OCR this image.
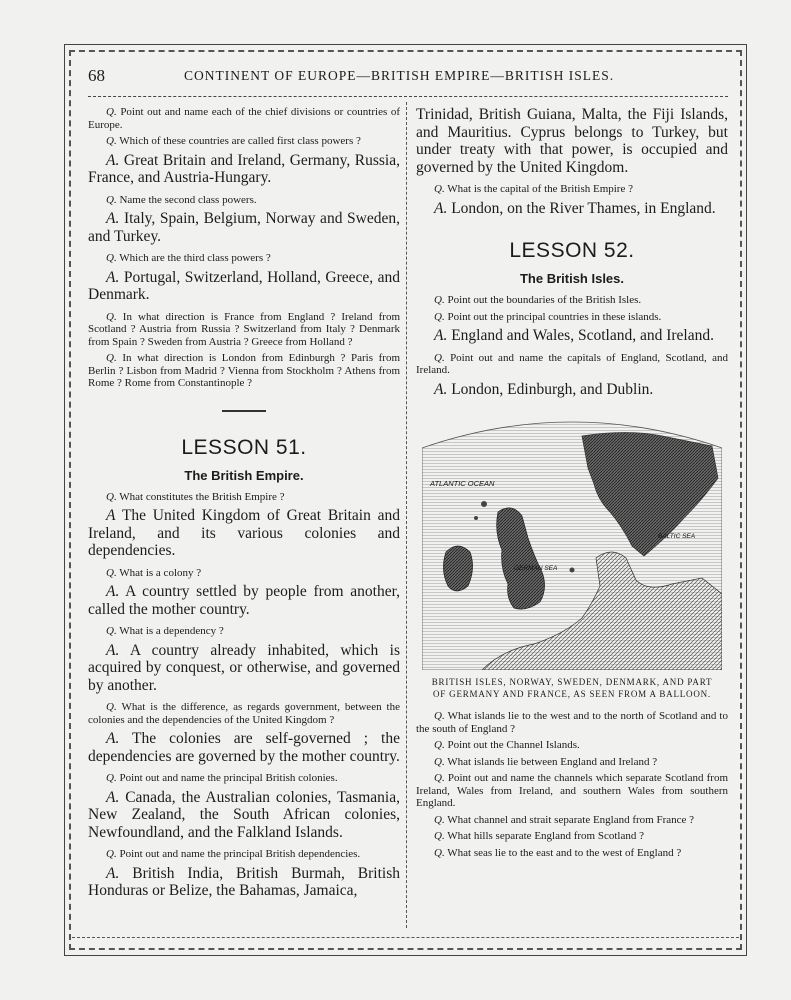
68	CONTINENT OF EUROPE—BRITISH EMPIRE—BRITISH ISLES.

Q. Point out and name each of the chief divisions or countries of Europe.

Q. Which of these countries are called first class powers ?

A. Great Britain and Ireland, Germany, Russia, France, and Austria-Hungary.

Q. Name the second class powers.

A. Italy, Spain, Belgium, Norway and Sweden, and Turkey.

Q. Which are the third class powers ?

A. Portugal, Switzerland, Holland, Greece, and Denmark.

Q. In what direction is France from England ? Ireland from Scotland ? Austria from Russia ? Switzerland from Italy ? Denmark from Spain ? Sweden from Austria ? Greece from Holland ?

Q. In what direction is London from Edinburgh ? Paris from Berlin ? Lisbon from Madrid ? Vienna from Stockholm ? Athens from Rome ? Rome from Constantinople ?

LESSON 51.

The British Empire.

Q. What constitutes the British Empire ?

A The United Kingdom of Great Britain and Ireland, and its various colonies and dependencies.

Q. What is a colony ?

A. A country settled by people from another, called the mother country.

Q. What is a dependency ?

A. A country already inhabited, which is acquired by conquest, or otherwise, and governed by another.

Q. What is the difference, as regards government, between the colonies and the dependencies of the United Kingdom ?

A. The colonies are self-governed ; the dependencies are governed by the mother country.

Q. Point out and name the principal British colonies.

A. Canada, the Australian colonies, Tasmania, New Zealand, the South African colonies, Newfoundland, and the Falkland Islands.

Q. Point out and name the principal British dependencies.

A. British India, British Burmah, British Honduras or Belize, the Bahamas, Jamaica,

Trinidad, British Guiana, Malta, the Fiji Islands, and Mauritius. Cyprus belongs to Turkey, but under treaty with that power, is occupied and governed by the United Kingdom.

Q. What is the capital of the British Empire ?

A. London, on the River Thames, in England.

LESSON 52.

The British Isles.

Q. Point out the boundaries of the British Isles.

Q. Point out the principal countries in these islands.

A. England and Wales, Scotland, and Ireland.

Q. Point out and name the capitals of England, Scotland, and Ireland.

A. London, Edinburgh, and Dublin.

ATLANTIC OCEAN
BALTIC SEA
GERMAN SEA

BRITISH ISLES, NORWAY, SWEDEN, DENMARK, AND PART
OF GERMANY AND FRANCE, AS SEEN FROM A BALLOON.

Q. What islands lie to the west and to the north of Scotland and to the south of England ?

Q. Point out the Channel Islands.

Q. What islands lie between England and Ireland ?

Q. Point out and name the channels which separate Scotland from Ireland, Wales from Ireland, and southern Wales from southern England.

Q. What channel and strait separate England from France ?

Q. What hills separate England from Scotland ?

Q. What seas lie to the east and to the west of England ?
